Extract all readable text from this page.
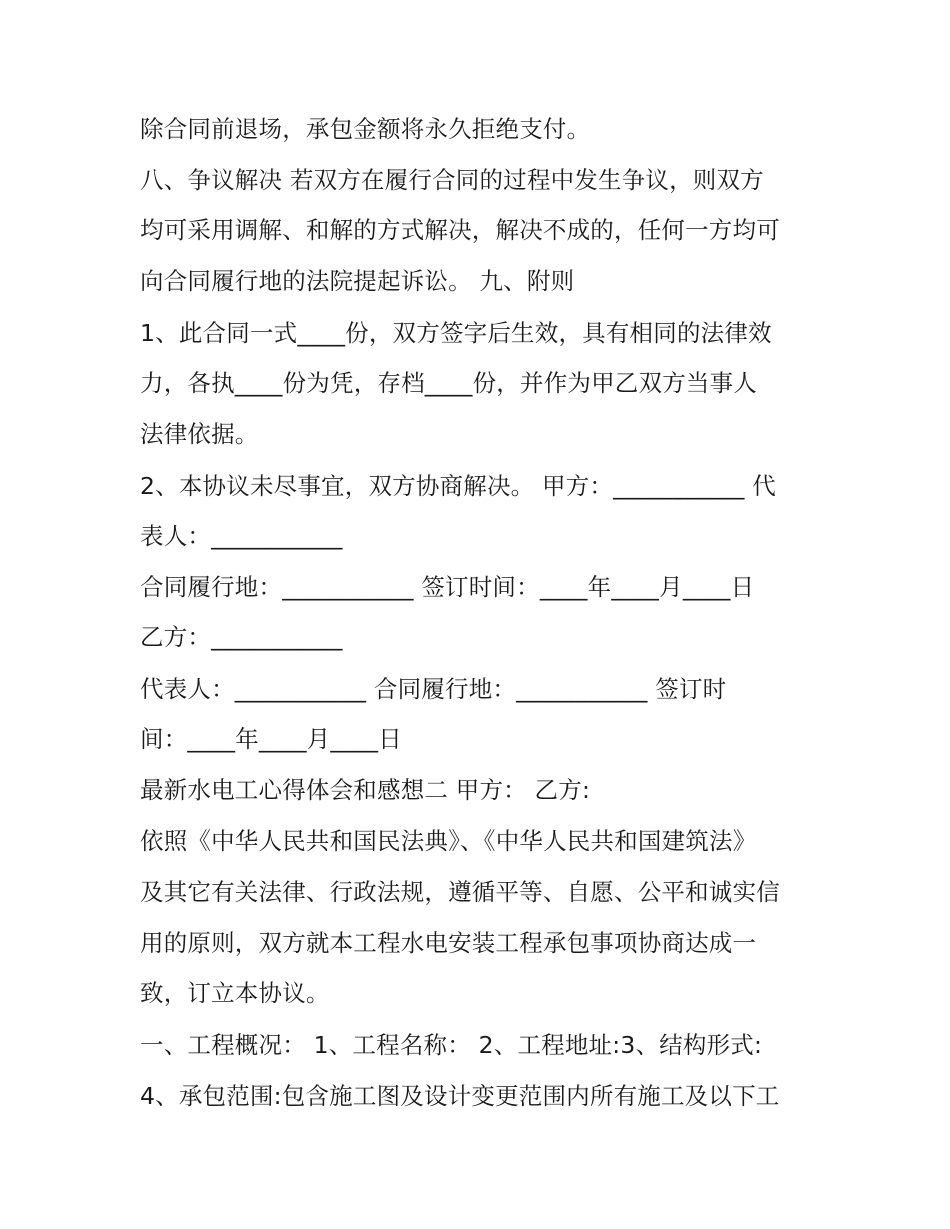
除合同前退场，承包金额将永久拒绝支付。
八、争议解决 若双方在履行合同的过程中发生争议，则双方
均可采用调解、和解的方式解决，解决不成的，任何一方均可
向合同履行地的法院提起诉讼。 九、附则
1、此合同一式____份，双方签字后生效，具有相同的法律效
力，各执____份为凭，存档____份，并作为甲乙双方当事人
法律依据。
2、本协议未尽事宜，双方协商解决。 甲方：___________ 代
表人：___________
合同履行地：___________ 签订时间：____年____月____日
乙方：___________
代表人：___________ 合同履行地：___________ 签订时
间：____年____月____日
最新水电工心得体会和感想二 甲方： 乙方:
依照《中华人民共和国民法典》、《中华人民共和国建筑法》
及其它有关法律、行政法规，遵循平等、自愿、公平和诚实信
用的原则，双方就本工程水电安装工程承包事项协商达成一
致，订立本协议。
一、工程概况： 1、工程名称： 2、工程地址:3、结构形式:
4、承包范围:包含施工图及设计变更范围内所有施工及以下工
